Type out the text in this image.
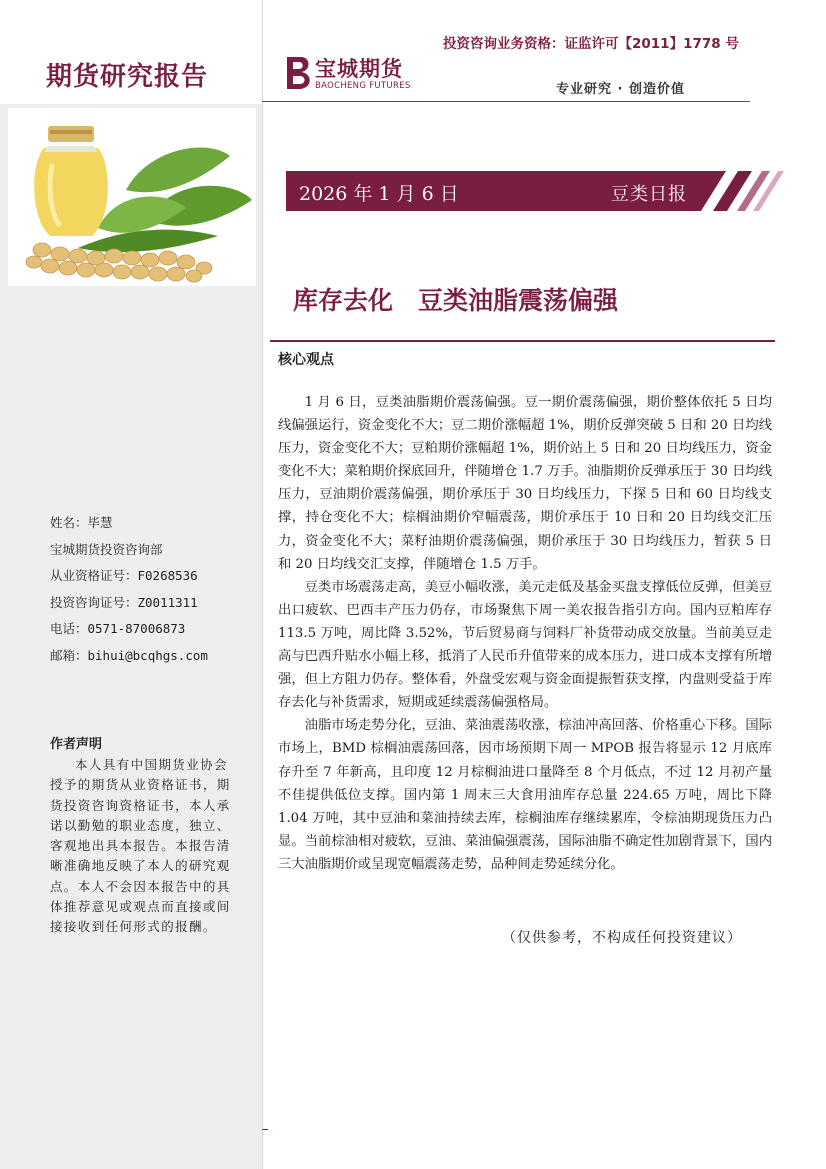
期货研究报告
姓名：毕慧
宝城期货投资咨询部
从业资格证号：F0268536
投资咨询证号：Z0011311
电话：0571-87006873
邮箱：bihui@bcqhgs.com
作者声明
本人具有中国期货业协会授予的期货从业资格证书，期货投资咨询资格证书，本人承诺以勤勉的职业态度，独立、客观地出具本报告。本报告清晰准确地反映了本人的研究观点。本人不会因本报告中的具体推荐意见或观点而直接或间接接收到任何形式的报酬。
投资咨询业务资格：证监许可【2011】1778 号
宝城期货
BAOCHENG FUTURES	专业研究 · 创造价值
2026 年 1 月 6 日	豆类日报
库存去化　豆类油脂震荡偏强
核心观点

1 月 6 日，豆类油脂期价震荡偏强。豆一期价震荡偏强，期价整体依托 5 日均线偏强运行，资金变化不大；豆二期价涨幅超 1%，期价反弹突破 5 日和 20 日均线压力，资金变化不大；豆粕期价涨幅超 1%，期价站上 5 日和 20 日均线压力，资金变化不大；菜粕期价探底回升，伴随增仓 1.7 万手。油脂期价反弹承压于 30 日均线压力，豆油期价震荡偏强，期价承压于 30 日均线压力，下探 5 日和 60 日均线支撑，持仓变化不大；棕榈油期价窄幅震荡，期价承压于 10 日和 20 日均线交汇压力，资金变化不大；菜籽油期价震荡偏强，期价承压于 30 日均线压力，暂获 5 日和 20 日均线交汇支撑，伴随增仓 1.5 万手。

豆类市场震荡走高，美豆小幅收涨，美元走低及基金买盘支撑低位反弹，但美豆出口疲软、巴西丰产压力仍存，市场聚焦下周一美农报告指引方向。国内豆粕库存 113.5 万吨，周比降 3.52%，节后贸易商与饲料厂补货带动成交放量。当前美豆走高与巴西升贴水小幅上移，抵消了人民币升值带来的成本压力，进口成本支撑有所增强，但上方阻力仍存。整体看，外盘受宏观与资金面提振暂获支撑，内盘则受益于库存去化与补货需求，短期或延续震荡偏强格局。

油脂市场走势分化，豆油、菜油震荡收涨，棕油冲高回落、价格重心下移。国际市场上，BMD 棕榈油震荡回落，因市场预期下周一 MPOB 报告将显示 12 月底库存升至 7 年新高，且印度 12 月棕榈油进口量降至 8 个月低点，不过 12 月初产量不佳提供低位支撑。国内第 1 周末三大食用油库存总量 224.65 万吨，周比下降 1.04 万吨，其中豆油和菜油持续去库，棕榈油库存继续累库，令棕油期现货压力凸显。当前棕油相对疲软，豆油、菜油偏强震荡，国际油脂不确定性加剧背景下，国内三大油脂期价或呈现宽幅震荡走势，品种间走势延续分化。

（仅供参考，不构成任何投资建议）
